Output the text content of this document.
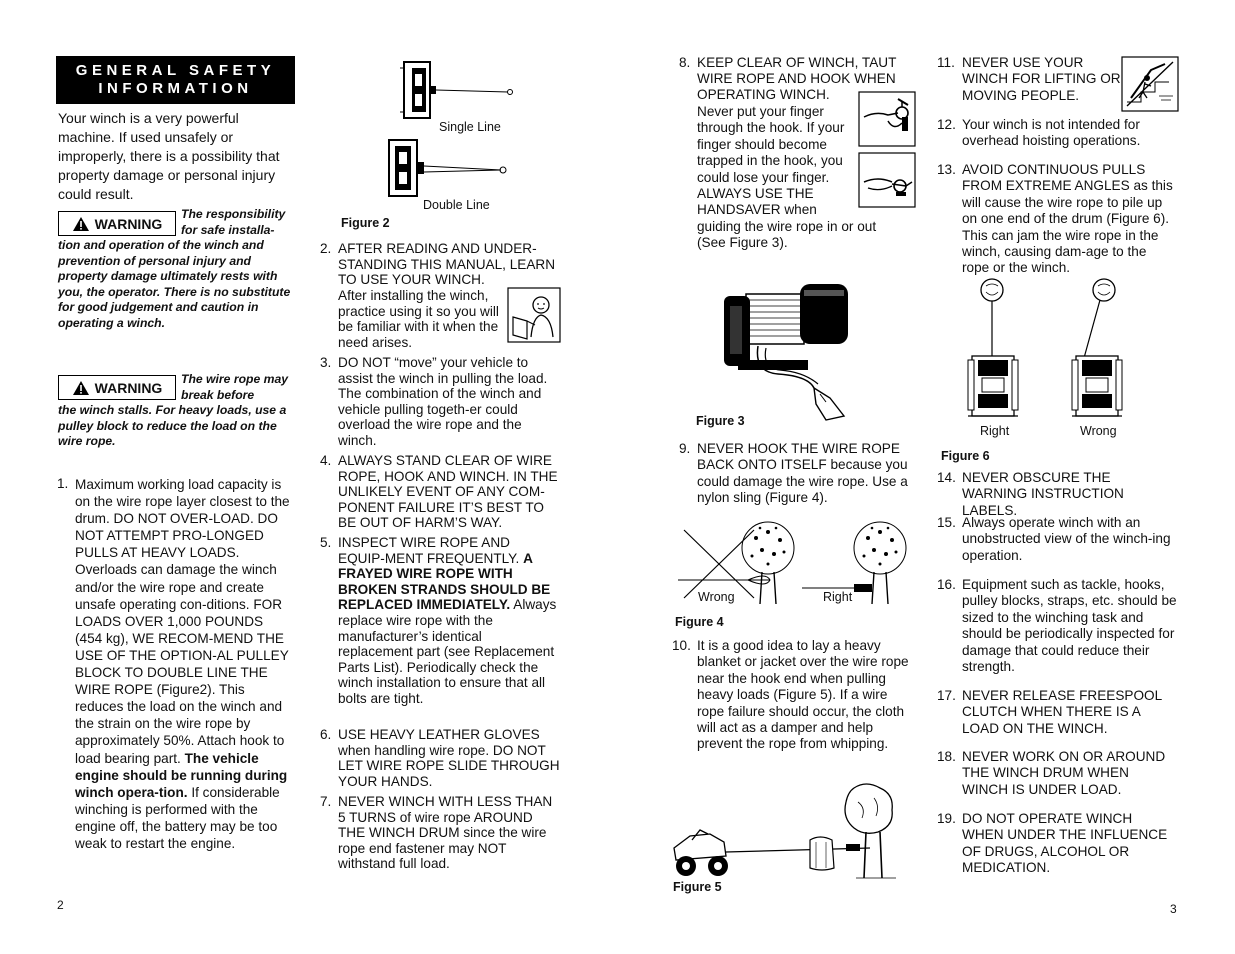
GENERAL SAFETY
INFORMATION
Your winch is a very powerful machine. If used unsafely or improperly, there is a possibility that property damage or personal injury could result.
WARNING
The responsibility for safe installa-
tion and operation of the winch and prevention of personal injury and property damage ultimately rests with you, the operator. There is no substitute for good judgement and caution in operating a winch.
WARNING
The wire rope may break before
the winch stalls. For heavy loads, use a pulley block to reduce the load on the wire rope.
1. Maximum working load capacity is on the wire rope layer closest to the drum. DO NOT OVER-LOAD. DO NOT ATTEMPT PRO-LONGED PULLS AT HEAVY LOADS. Overloads can damage the winch and/or the wire rope and create unsafe operating con-ditions. FOR LOADS OVER 1,000 POUNDS (454 kg), WE RECOM-MEND THE USE OF THE OPTION-AL PULLEY BLOCK TO DOUBLE LINE THE WIRE ROPE (Figure2). This reduces the load on the winch and the strain on the wire rope by approximately 50%. Attach hook to load bearing part. The vehicle engine should be running during winch opera-tion. If considerable winching is performed with the engine off, the battery may be too weak to restart the engine.
2
Single Line
Double Line
Figure 2
2. AFTER READING AND UNDER-STANDING THIS MANUAL, LEARN TO USE YOUR WINCH.
After installing the winch, practice using it so you will be familiar with it when the need arises.
3. DO NOT “move” your vehicle to assist the winch in pulling the load. The combination of the winch and vehicle pulling togeth-er could overload the wire rope and the winch.
4. ALWAYS STAND CLEAR OF WIRE ROPE, HOOK AND WINCH. IN THE UNLIKELY EVENT OF ANY COM-PONENT FAILURE IT’S BEST TO BE OUT OF HARM’S WAY.
5. INSPECT WIRE ROPE AND EQUIP-MENT FREQUENTLY. A FRAYED WIRE ROPE WITH BROKEN STRANDS SHOULD BE REPLACED IMMEDIATELY. Always replace wire rope with the manufacturer’s identical replacement part (see Replacement Parts List). Periodically check the winch installation to ensure that all bolts are tight.
6. USE HEAVY LEATHER GLOVES when handling wire rope. DO NOT LET WIRE ROPE SLIDE THROUGH YOUR HANDS.
7. NEVER WINCH WITH LESS THAN 5 TURNS of wire rope AROUND THE WINCH DRUM since the wire rope end fastener may NOT withstand full load.
8. KEEP CLEAR OF WINCH, TAUT WIRE ROPE AND HOOK WHEN OPERATING WINCH.
Never put your finger through the hook. If your finger should become trapped in the hook, you could lose your finger. ALWAYS USE THE HANDSAVER when guiding the wire rope in or out (See Figure 3).
Figure 3
9. NEVER HOOK THE WIRE ROPE BACK ONTO ITSELF because you could damage the wire rope. Use a nylon sling (Figure 4).
Wrong	Right
Figure 4
10. It is a good idea to lay a heavy blanket or jacket over the wire rope near the hook end when pulling heavy loads (Figure 5). If a wire rope failure should occur, the cloth will act as a damper and help prevent the rope from whipping.
Figure 5
11. NEVER USE YOUR WINCH FOR LIFTING OR MOVING PEOPLE.
12. Your winch is not intended for overhead hoisting operations.
13. AVOID CONTINUOUS PULLS FROM EXTREME ANGLES as this will cause the wire rope to pile up on one end of the drum (Figure 6). This can jam the wire rope in the winch, causing dam-age to the rope or the winch.
Right	Wrong
Figure 6
14. NEVER OBSCURE THE WARNING INSTRUCTION LABELS.
15. Always operate winch with an unobstructed view of the winch-ing operation.
16. Equipment such as tackle, hooks, pulley blocks, straps, etc. should be sized to the winching task and should be periodically inspected for damage that could reduce their strength.
17. NEVER RELEASE FREESPOOL CLUTCH WHEN THERE IS A LOAD ON THE WINCH.
18. NEVER WORK ON OR AROUND THE WINCH DRUM WHEN WINCH IS UNDER LOAD.
19. DO NOT OPERATE WINCH WHEN UNDER THE INFLUENCE OF DRUGS, ALCOHOL OR MEDICATION.
3
